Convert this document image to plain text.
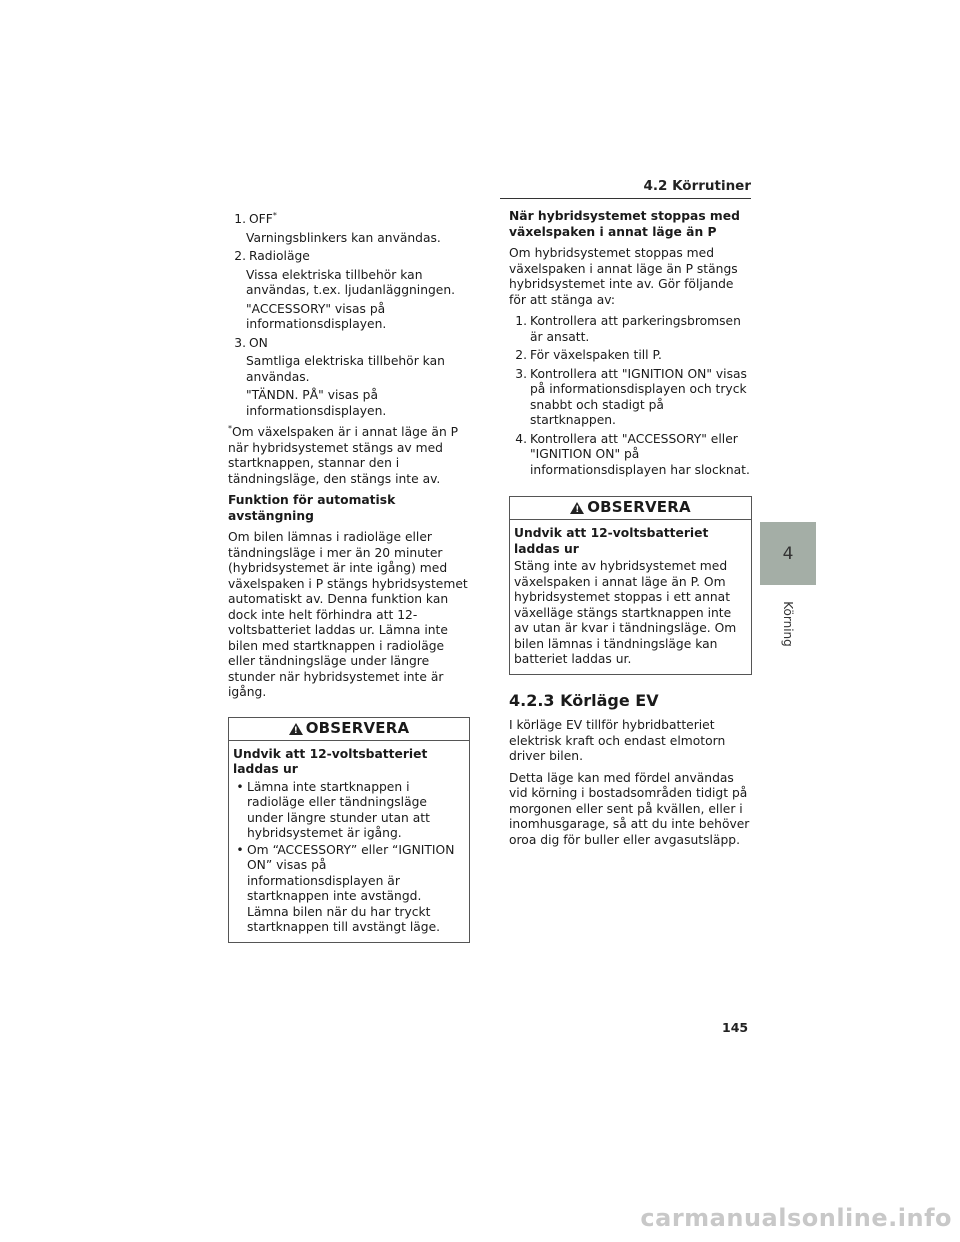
4.2 Körrutiner
4
Körning
1. OFF*

Varningsblinkers kan användas.

2. Radioläge

Vissa elektriska tillbehör kan användas, t.ex. ljudanläggningen.

"ACCESSORY" visas på informationsdisplayen.

3. ON

Samtliga elektriska tillbehör kan användas.

"TÄNDN. PÅ" visas på informationsdisplayen.

*Om växelspaken är i annat läge än P när hybridsystemet stängs av med startknappen, stannar den i tändningsläge, den stängs inte av.

Funktion för automatisk avstängning

Om bilen lämnas i radioläge eller tändningsläge i mer än 20 minuter (hybridsystemet är inte igång) med växelspaken i P stängs hybridsystemet automatiskt av. Denna funktion kan dock inte helt förhindra att 12-voltsbatteriet laddas ur. Lämna inte bilen med startknappen i radioläge eller tändningsläge under längre stunder när hybridsystemet inte är igång.

!
OBSERVERA

Undvik att 12-voltsbatteriet laddas ur

• Lämna inte startknappen i radioläge eller tändningsläge under längre stunder utan att hybridsystemet är igång.
• Om “ACCESSORY” eller “IGNITION ON” visas på informationsdisplayen är startknappen inte avstängd. Lämna bilen när du har tryckt startknappen till avstängt läge.

När hybridsystemet stoppas med växelspaken i annat läge än P

Om hybridsystemet stoppas med växelspaken i annat läge än P stängs hybridsystemet inte av. Gör följande för att stänga av:

1. Kontrollera att parkeringsbromsen är ansatt.
2. För växelspaken till P.
3. Kontrollera att "IGNITION ON" visas på informationsdisplayen och tryck snabbt och stadigt på startknappen.
4. Kontrollera att "ACCESSORY" eller "IGNITION ON" på informationsdisplayen har slocknat.
!
OBSERVERA

Undvik att 12-voltsbatteriet laddas ur

Stäng inte av hybridsystemet med växelspaken i annat läge än P. Om hybridsystemet stoppas i ett annat växelläge stängs startknappen inte av utan är kvar i tändningsläge. Om bilen lämnas i tändningsläge kan batteriet laddas ur.

4.2.3 Körläge EV

I körläge EV tillför hybridbatteriet elektrisk kraft och endast elmotorn driver bilen.

Detta läge kan med fördel användas vid körning i bostadsområden tidigt på morgonen eller sent på kvällen, eller i inomhusgarage, så att du inte behöver oroa dig för buller eller avgasutsläpp.

145
carmanualsonline.info
